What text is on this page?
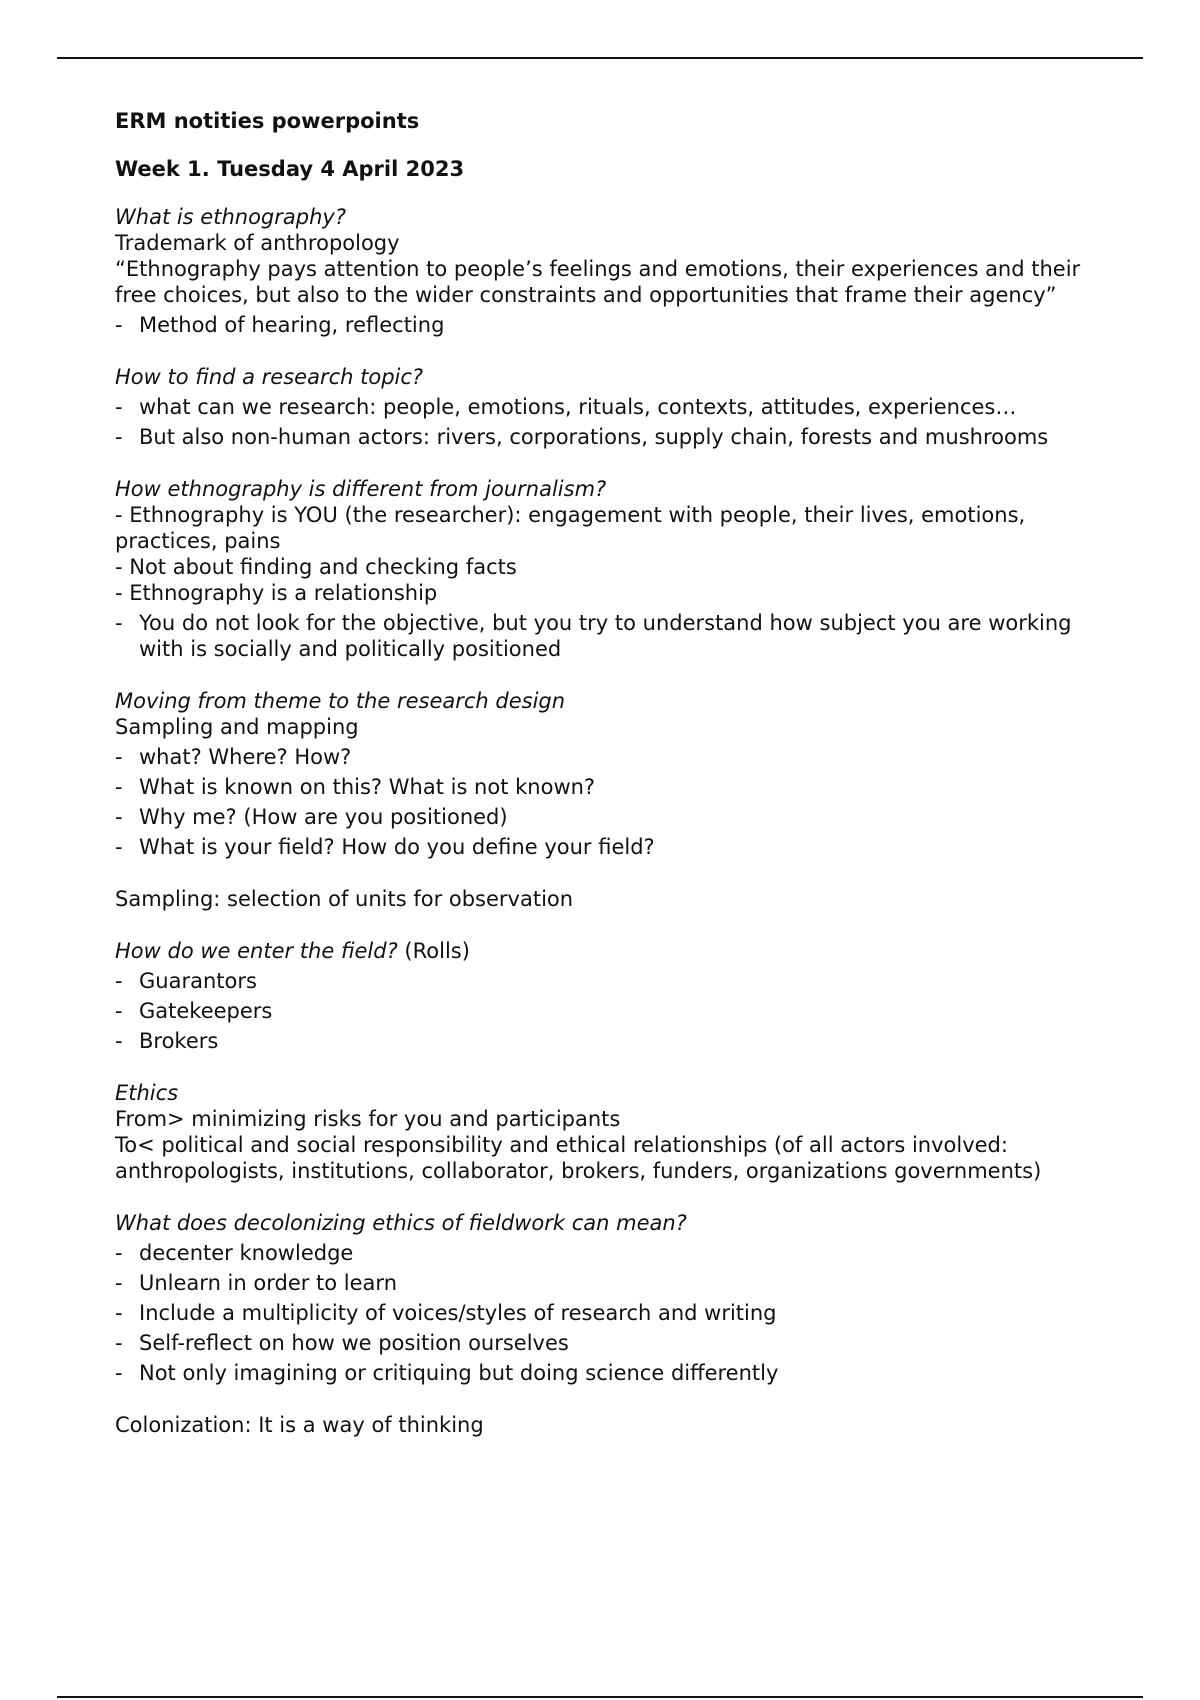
ERM notities powerpoints
Week 1. Tuesday 4 April 2023
What is ethnography?
Trademark of anthropology
“Ethnography pays attention to people’s feelings and emotions, their experiences and their free choices, but also to the wider constraints and opportunities that frame their agency”
- Method of hearing, reflecting
How to find a research topic?
- what can we research: people, emotions, rituals, contexts, attitudes, experiences…
- But also non-human actors: rivers, corporations, supply chain, forests and mushrooms
How ethnography is different from journalism?
- Ethnography is YOU (the researcher): engagement with people, their lives, emotions, practices, pains
- Not about finding and checking facts
- Ethnography is a relationship
- You do not look for the objective, but you try to understand how subject you are working with is socially and politically positioned
Moving from theme to the research design
Sampling and mapping
- what? Where? How?
- What is known on this? What is not known?
- Why me? (How are you positioned)
- What is your field? How do you define your field?
Sampling: selection of units for observation
How do we enter the field? (Rolls)
- Guarantors
- Gatekeepers
- Brokers
Ethics
From> minimizing risks for you and participants
To< political and social responsibility and ethical relationships (of all actors involved: anthropologists, institutions, collaborator, brokers, funders, organizations governments)
What does decolonizing ethics of fieldwork can mean?
- decenter knowledge
- Unlearn in order to learn
- Include a multiplicity of voices/styles of research and writing
- Self-reflect on how we position ourselves
- Not only imagining or critiquing but doing science differently
Colonization: It is a way of thinking
